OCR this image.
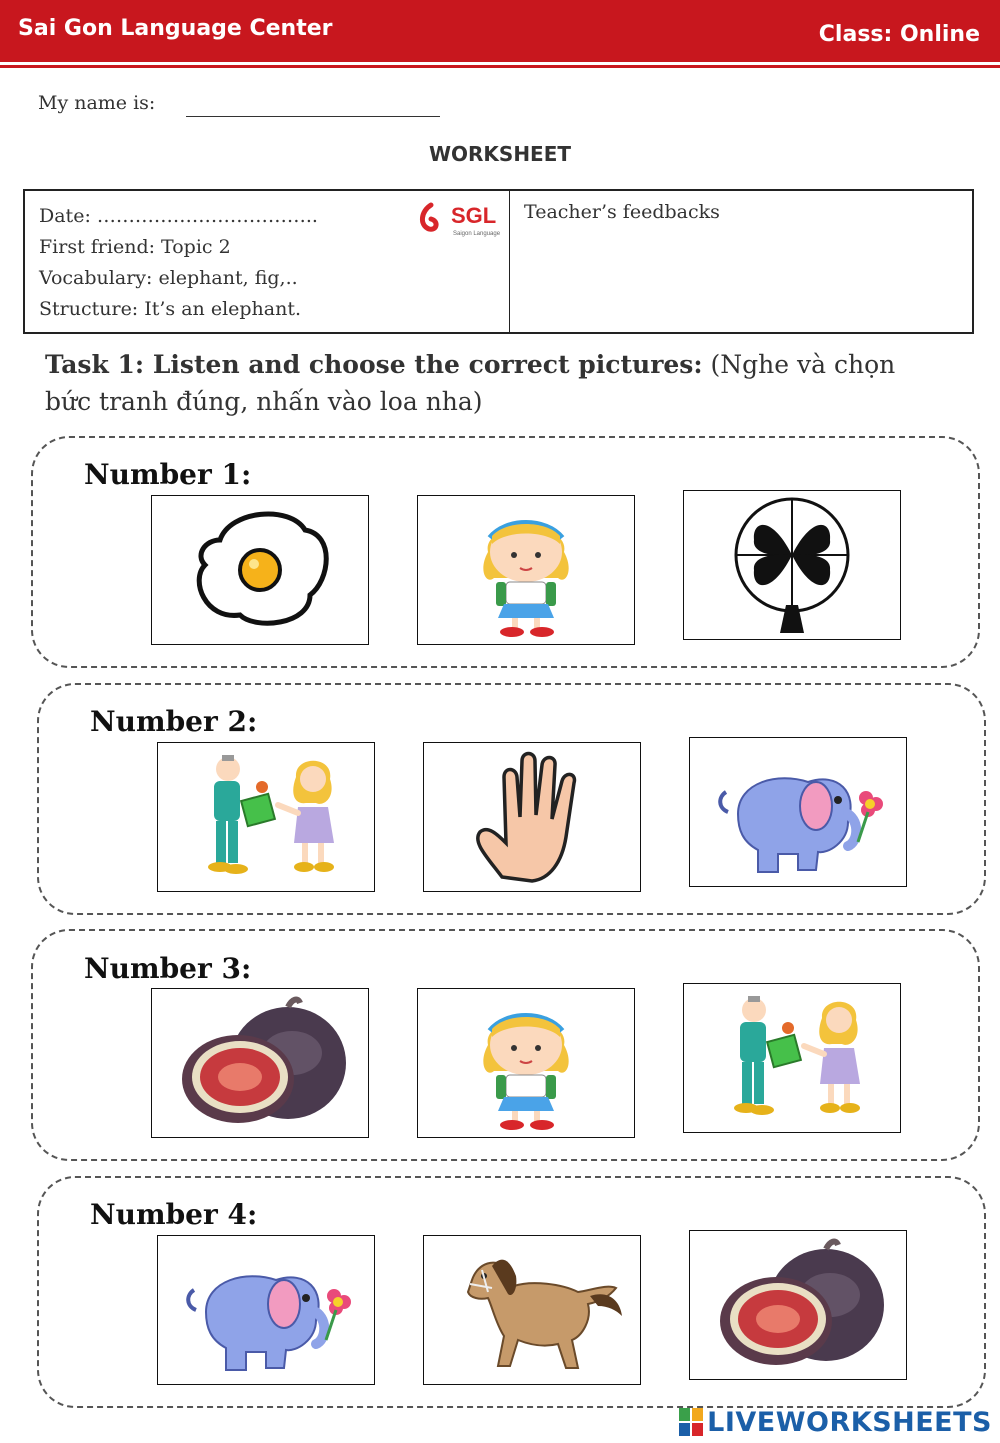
Sai Gon Language Center	Class: Online
My name is:
WORKSHEET
Date: ……………………………..
First friend: Topic 2
Vocabulary: elephant, fig,..
Structure: It’s an elephant.
SGL
Saigon Language
Teacher’s feedbacks
Task 1: Listen and choose the correct pictures: (Nghe và chọn bức tranh đúng, nhấn vào loa nha)
Number 1:
Number 2:
Number 3:
Number 4:
LIVEWORKSHEETS
